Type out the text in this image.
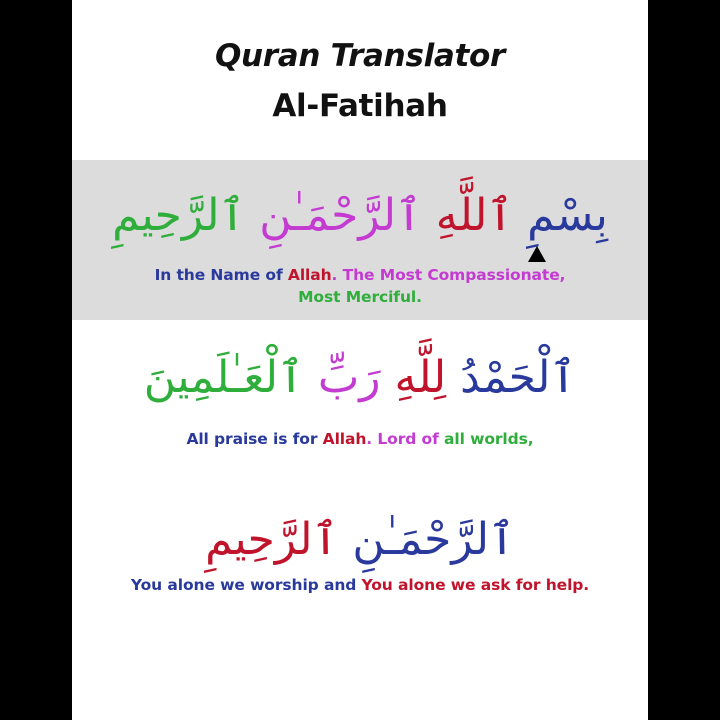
Quran Translator
Al-Fatihah
بِسْمِ ٱللَّهِ ٱلرَّحْمَـٰنِ ٱلرَّحِيمِ
In the Name of Allah. The Most Compassionate,
Most Merciful.
ٱلْحَمْدُ لِلَّهِ رَبِّ ٱلْعَـٰلَمِينَ
All praise is for Allah. Lord of all worlds,
ٱلرَّحْمَـٰنِ ٱلرَّحِيمِ
You alone we worship and You alone we ask for help.
